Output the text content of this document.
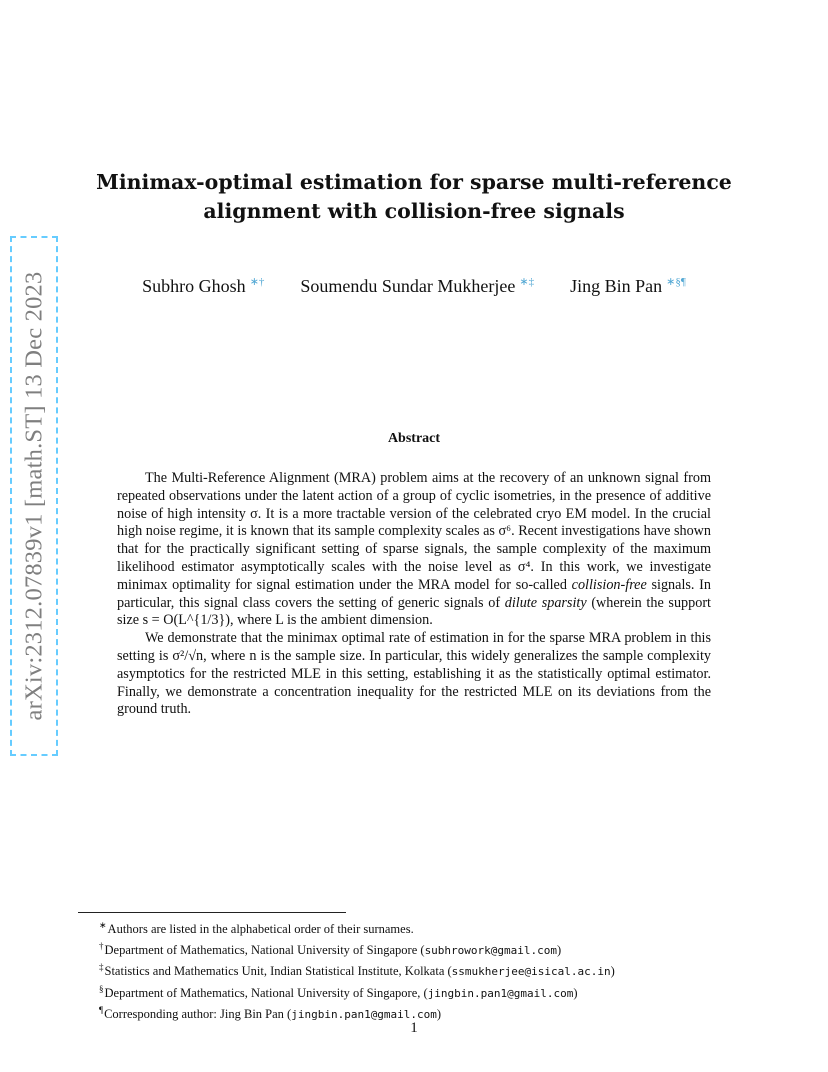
arXiv:2312.07839v1 [math.ST] 13 Dec 2023
Minimax-optimal estimation for sparse multi-reference
alignment with collision-free signals
Subhro Ghosh ∗† Soumendu Sundar Mukherjee ∗‡ Jing Bin Pan ∗§¶
Abstract

The Multi-Reference Alignment (MRA) problem aims at the recovery of an unknown signal from repeated observations under the latent action of a group of cyclic isometries, in the presence of additive noise of high intensity σ. It is a more tractable version of the celebrated cryo EM model. In the crucial high noise regime, it is known that its sample complexity scales as σ⁶. Recent investigations have shown that for the practically significant setting of sparse signals, the sample complexity of the maximum likelihood estimator asymptotically scales with the noise level as σ⁴. In this work, we investigate minimax optimality for signal estimation under the MRA model for so-called collision-free signals. In particular, this signal class covers the setting of generic signals of dilute sparsity (wherein the support size s = O(L^{1/3}), where L is the ambient dimension.

We demonstrate that the minimax optimal rate of estimation in for the sparse MRA problem in this setting is σ²/√n, where n is the sample size. In particular, this widely generalizes the sample complexity asymptotics for the restricted MLE in this setting, establishing it as the statistically optimal estimator. Finally, we demonstrate a concentration inequality for the restricted MLE on its deviations from the ground truth.

∗Authors are listed in the alphabetical order of their surnames.
†Department of Mathematics, National University of Singapore (subhrowork@gmail.com)
‡Statistics and Mathematics Unit, Indian Statistical Institute, Kolkata (ssmukherjee@isical.ac.in)
§Department of Mathematics, National University of Singapore, (jingbin.pan1@gmail.com)
¶Corresponding author: Jing Bin Pan (jingbin.pan1@gmail.com)
1
